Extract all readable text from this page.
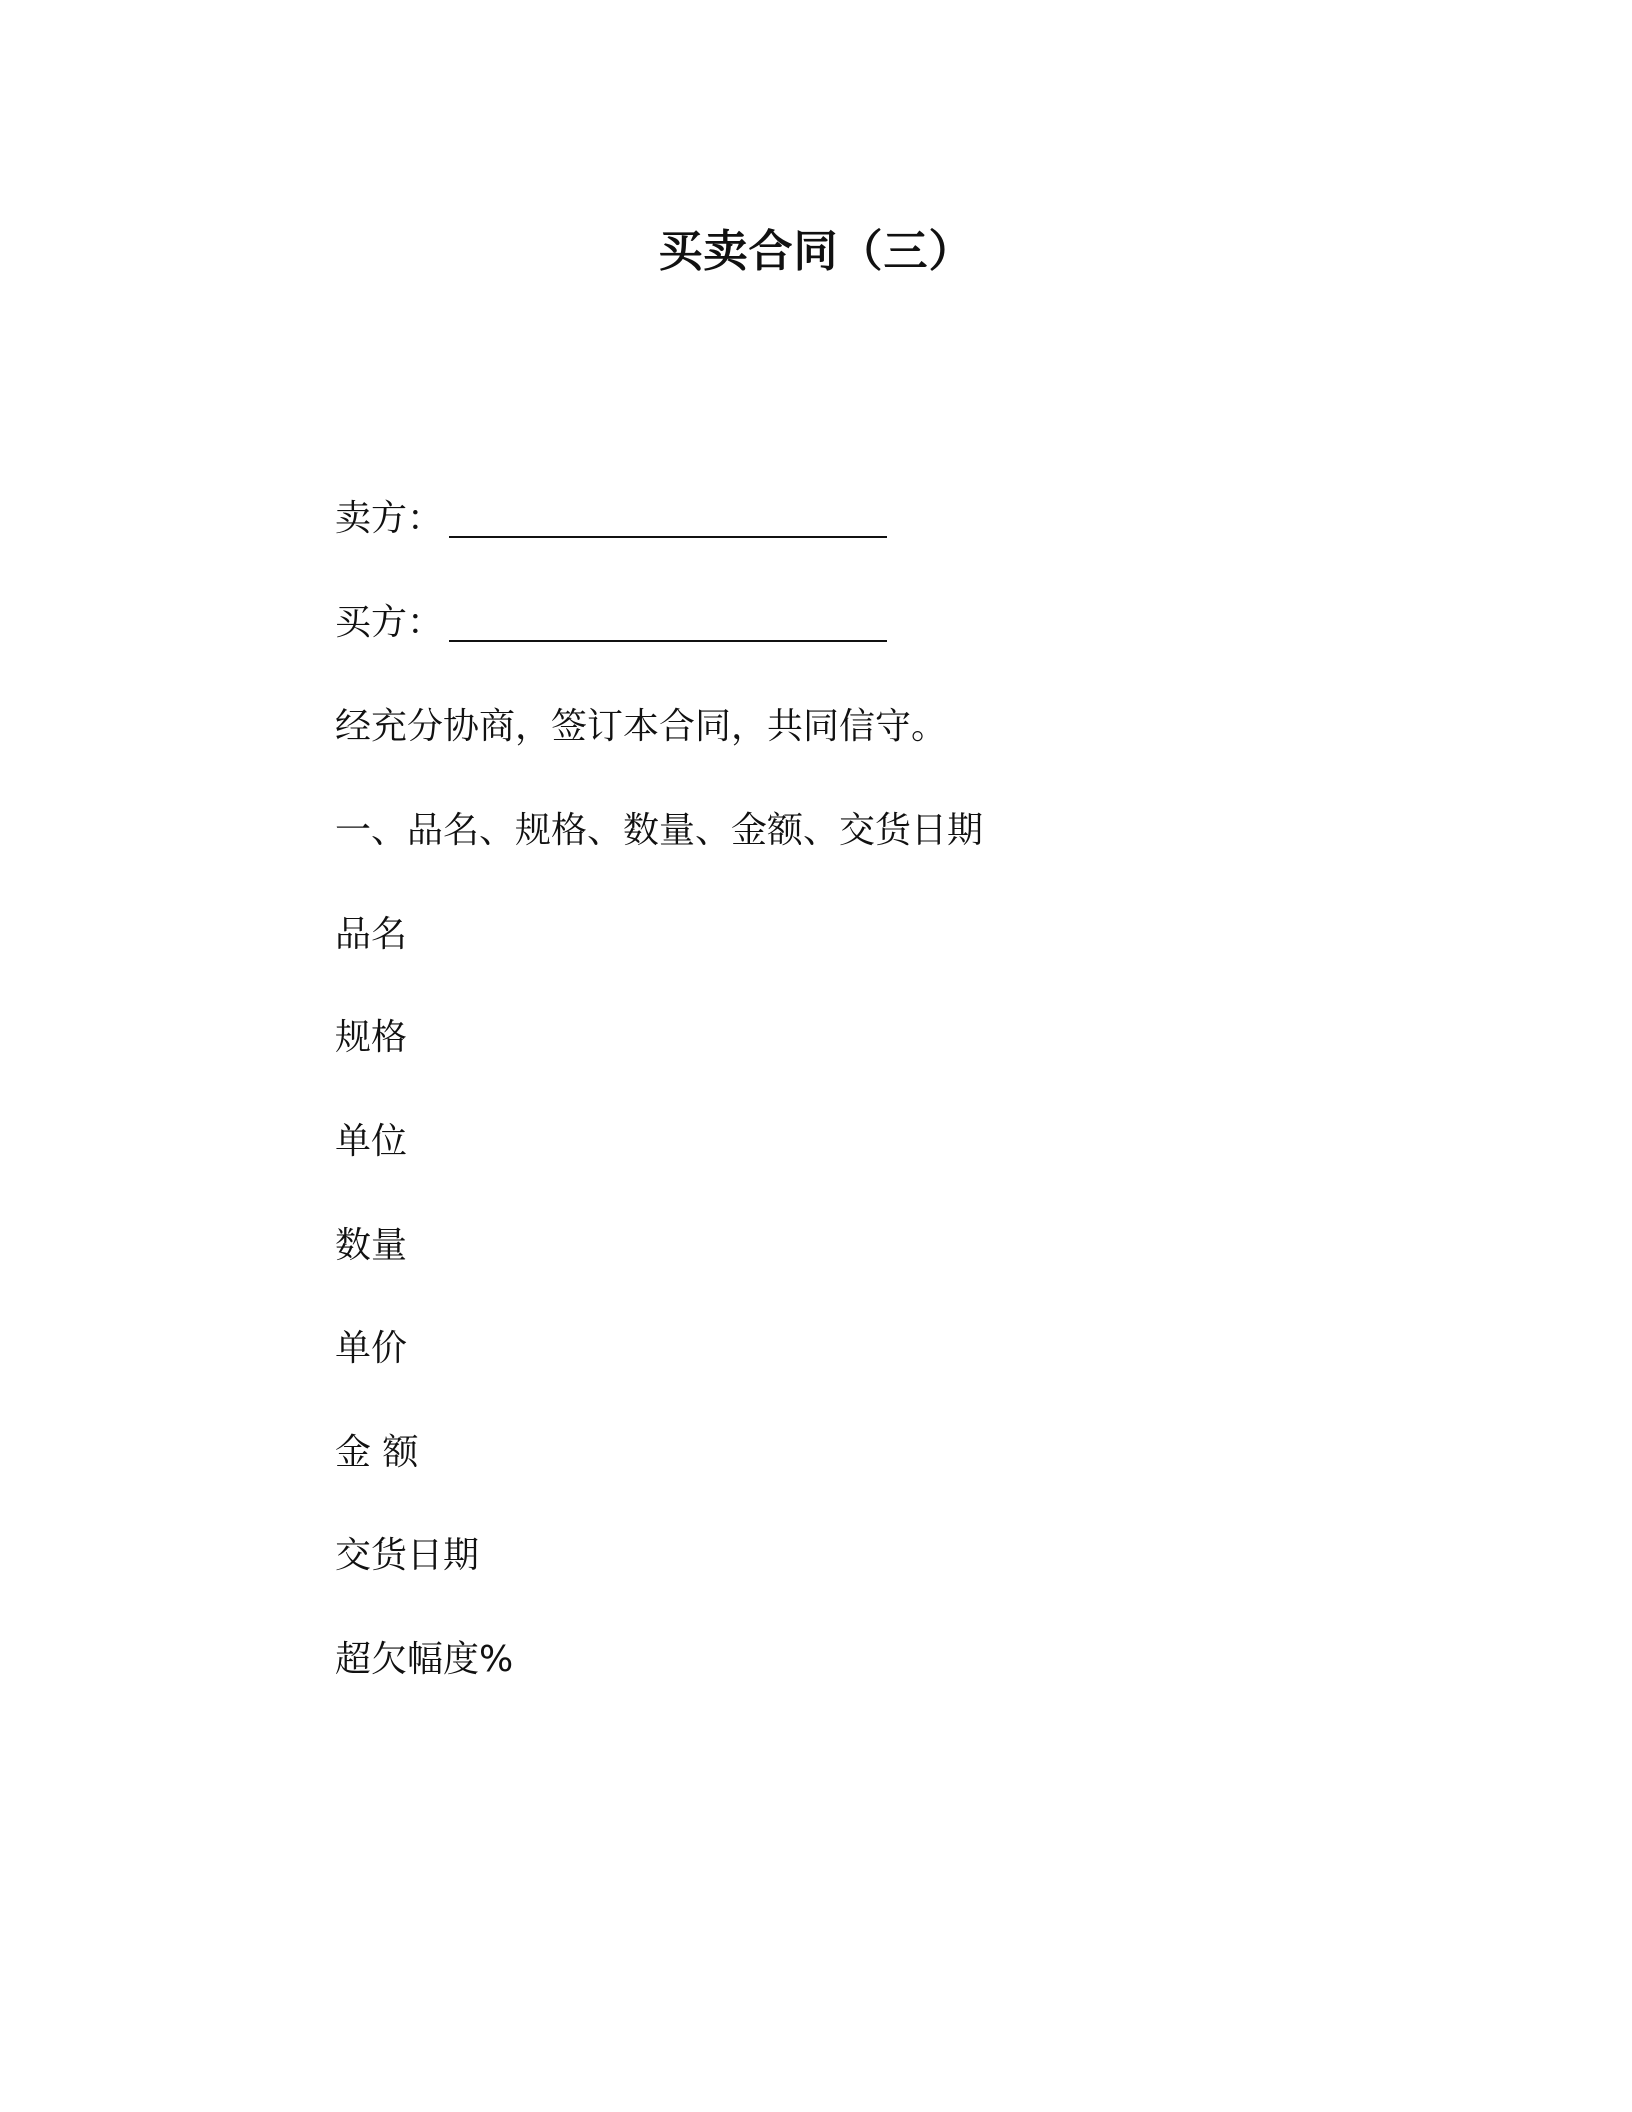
买卖合同（三）
卖方：
买方：
经充分协商，签订本合同，共同信守。
一、品名、规格、数量、金额、交货日期
品名
规格
单位
数量
单价
金 额
交货日期
超欠幅度%
